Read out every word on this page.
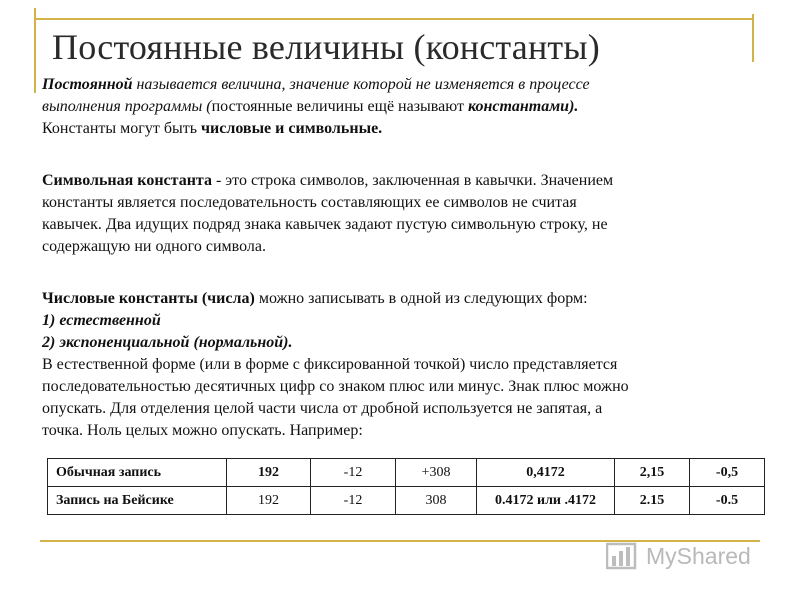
Постоянные величины (константы)
Постоянной называется величина, значение которой не изменяется в процессе
выполнения программы (постоянные величины ещё называют константами).
Константы могут быть числовые и символьные.
Символьная константа - это строка символов, заключенная в кавычки. Значением
константы является последовательность составляющих ее символов не считая
кавычек. Два идущих подряд знака кавычек задают пустую символьную строку, не
содержащую ни одного символа.
Числовые константы (числа) можно записывать в одной из следующих форм:
1) естественной
2) экспоненциальной (нормальной).
В естественной форме (или в форме с фиксированной точкой) число представляется
последовательностью десятичных цифр со знаком плюс или минус. Знак плюс можно
опускать. Для отделения целой части числа от дробной используется не запятая, а
точка. Ноль целых можно опускать. Например:
Обычная запись	192	-12	+308	0,4172	2,15	-0,5
Запись на Бейсике	192	-12	308	0.4172 или .4172	2.15	-0.5
MyShared
